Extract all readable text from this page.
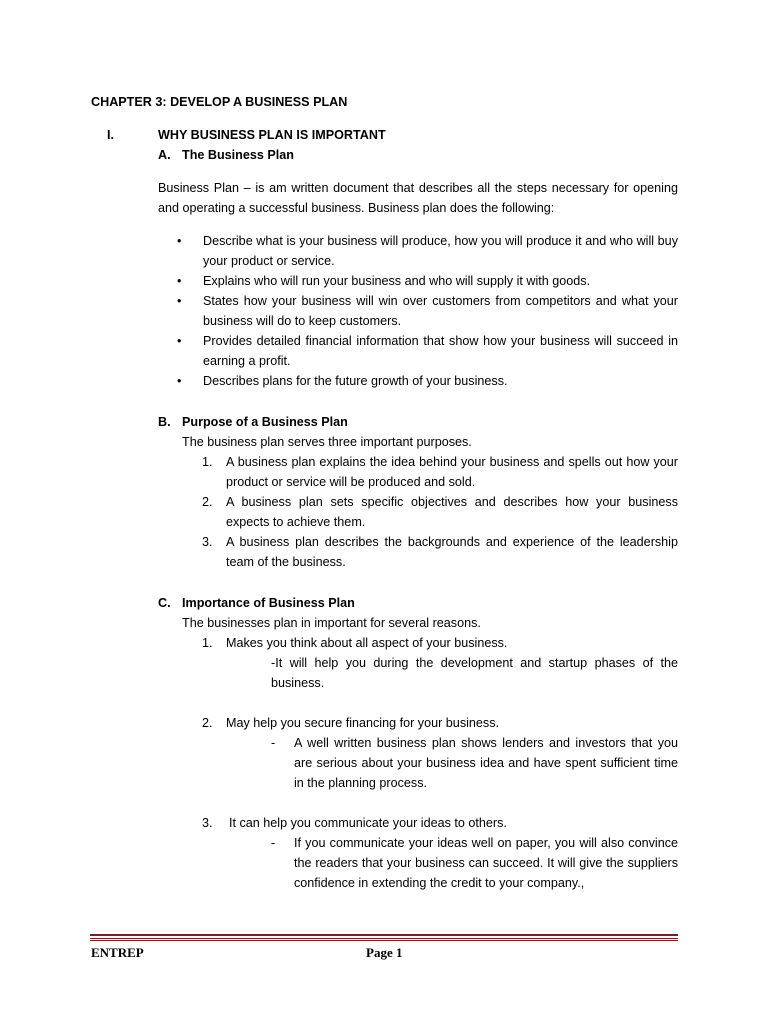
CHAPTER 3: DEVELOP A BUSINESS PLAN

I.	WHY BUSINESS PLAN IS IMPORTANT
A. The Business Plan

Business Plan – is am written document that describes all the steps necessary for opening and operating a successful business. Business plan does the following:

• Describe what is your business will produce, how you will produce it and who will buy your product or service.
• Explains who will run your business and who will supply it with goods.
• States how your business will win over customers from competitors and what your business will do to keep customers.
• Provides detailed financial information that show how your business will succeed in earning a profit.
• Describes plans for the future growth of your business.
B. Purpose of a Business Plan

The business plan serves three important purposes.

1. A business plan explains the idea behind your business and spells out how your product or service will be produced and sold.
2. A business plan sets specific objectives and describes how your business expects to achieve them.
3. A business plan describes the backgrounds and experience of the leadership team of the business.
C. Importance of Business Plan

The businesses plan in important for several reasons.

1. Makes you think about all aspect of your business.

-It will help you during the development and startup phases of the business.

2. May help you secure financing for your business.
- A well written business plan shows lenders and investors that you are serious about your business idea and have spent sufficient time in the planning process.

3. It can help you communicate your ideas to others.
- If you communicate your ideas well on paper, you will also convince the readers that your business can succeed. It will give the suppliers confidence in extending the credit to your company.,

ENTREP	Page 1
